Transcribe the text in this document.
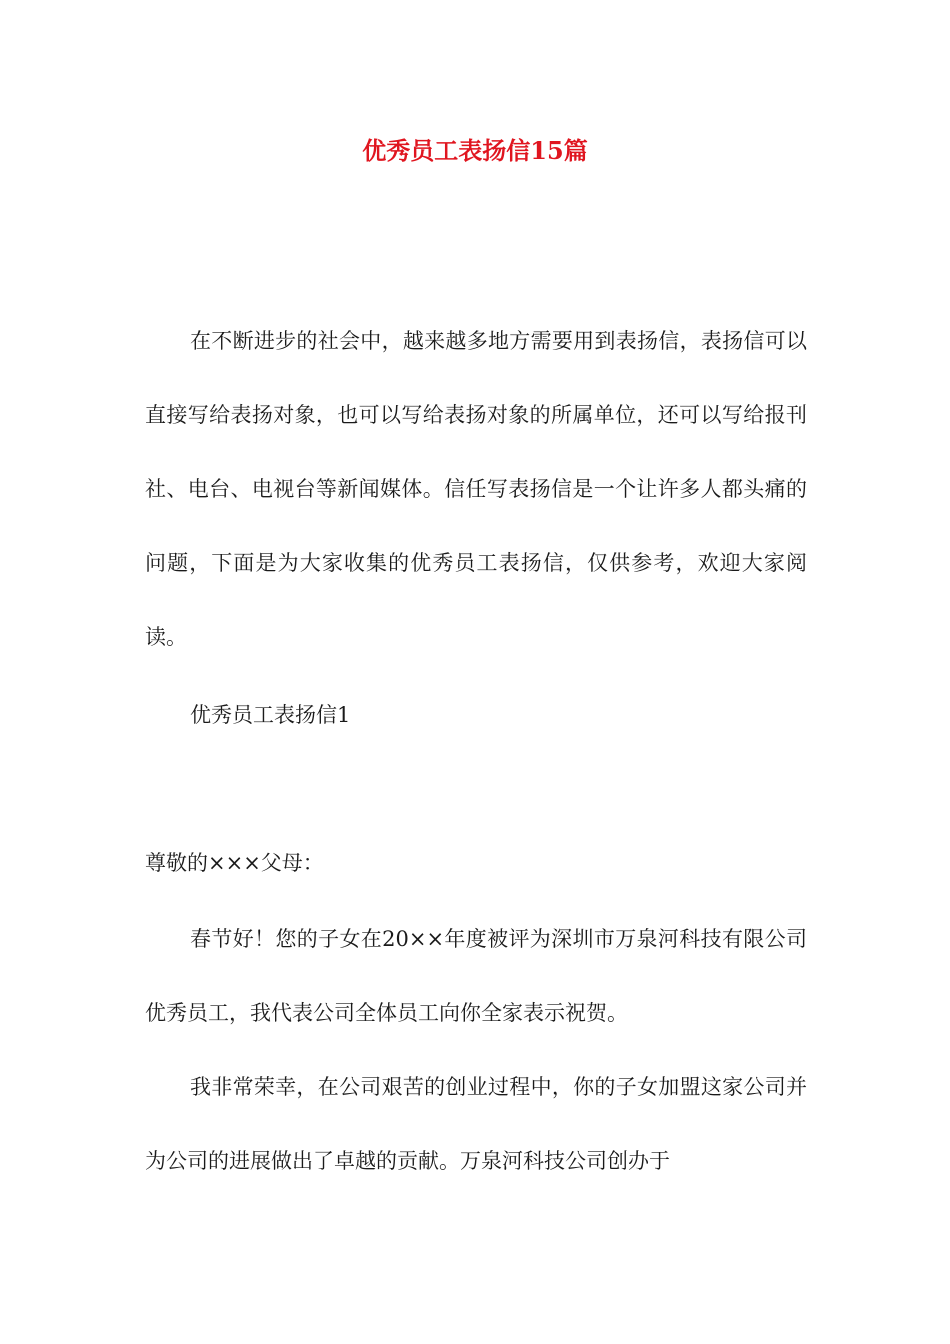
优秀员工表扬信15篇

在不断进步的社会中，越来越多地方需要用到表扬信，表扬信可以直接写给表扬对象，也可以写给表扬对象的所属单位，还可以写给报刊社、电台、电视台等新闻媒体。信任写表扬信是一个让许多人都头痛的问题，下面是为大家收集的优秀员工表扬信，仅供参考，欢迎大家阅读。

优秀员工表扬信1

尊敬的×××父母：

春节好！您的子女在20××年度被评为深圳市万泉河科技有限公司优秀员工，我代表公司全体员工向你全家表示祝贺。

我非常荣幸，在公司艰苦的创业过程中，你的子女加盟这家公司并为公司的进展做出了卓越的贡献。万泉河科技公司创办于
